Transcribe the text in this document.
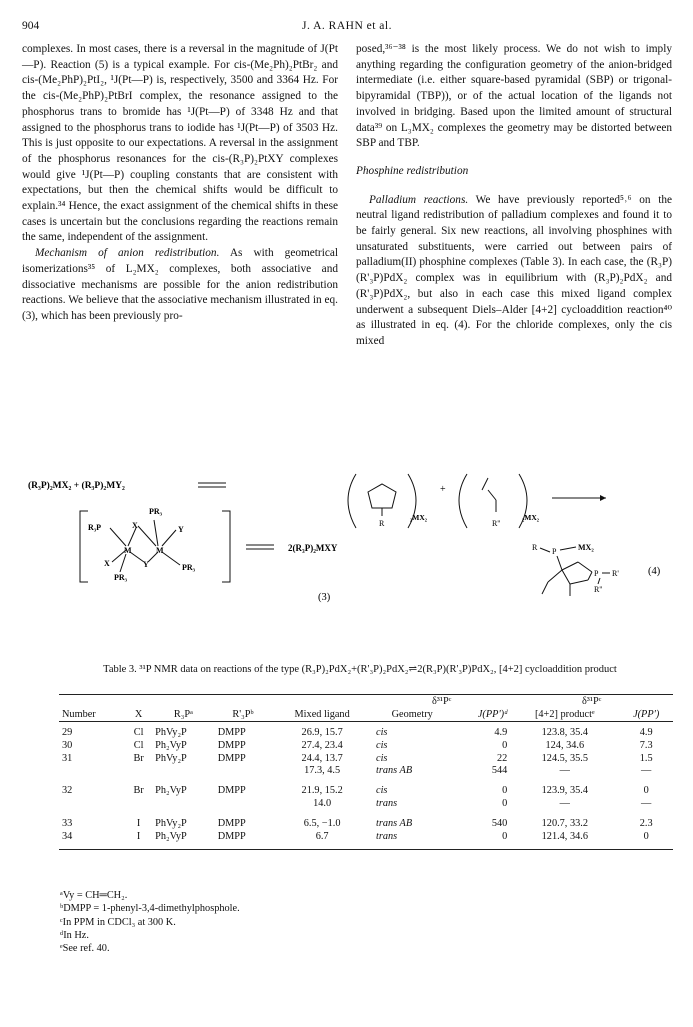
904	J. A. RAHN et al.

complexes. In most cases, there is a reversal in the magnitude of J(Pt—P). Reaction (5) is a typical example. For cis-(Me₂Ph)₂PtBr₂ and cis-(Me₂PhP)₂PtI₂, ¹J(Pt—P) is, respectively, 3500 and 3364 Hz. For the cis-(Me₂PhP)₂PtBrI complex, the resonance assigned to the phosphorus trans to bromide has ¹J(Pt—P) of 3348 Hz and that assigned to the phosphorus trans to iodide has ¹J(Pt—P) of 3503 Hz. This is just opposite to our expectations. A reversal in the assignment of the phosphorus resonances for the cis-(R₃P)₂PtXY complexes would give ¹J(Pt—P) coupling constants that are consistent with expectations, but then the chemical shifts would be difficult to explain.³⁴ Hence, the exact assignment of the chemical shifts in these cases is uncertain but the conclusions regarding the reactions remain the same, independent of the assignment.

Mechanism of anion redistribution. As with geometrical isomerizations³⁵ of L₂MX₂ complexes, both associative and dissociative mechanisms are possible for the anion redistribution reactions. We believe that the associative mechanism illustrated in eq. (3), which has been previously pro-

posed,³⁶⁻³⁸ is the most likely process. We do not wish to imply anything regarding the configuration geometry of the anion-bridged intermediate (i.e. either square-based pyramidal (SBP) or trigonal-bipyramidal (TBP)), or of the actual location of the ligands not involved in bridging. Based upon the limited amount of structural data³⁹ on L₃MX₂ complexes the geometry may be distorted between SBP and TBP.

Phosphine redistribution

Palladium reactions. We have previously reported⁵˒⁶ on the neutral ligand redistribution of palladium complexes and found it to be fairly general. Six new reactions, all involving phosphines with unsaturated substituents, were carried out between pairs of palladium(II) phosphine complexes (Table 3). In each case, the (R₃P)(R'₃P)PdX₂ complex was in equilibrium with (R₃P)₂PdX₂ and (R'₃P)PdX₂, but also in each case this mixed ligand complex underwent a subsequent Diels–Alder [4+2] cycloaddition reaction⁴⁰ as illustrated in eq. (4). For the chloride complexes, only the cis mixed

(R₃P)₂MX₂ + (R₃P)₂MY₂
PR₃
R₃P	X	Y
M	M
X	Y	PR₃
PR₃
2(R₃P)₂MXY
(3)
R
₂MX₂
+
R''
₂MX₂
R P	MX₂
P R'
R''
(4)
Table 3. ³¹P NMR data on reactions of the type (R₃P)₂PdX₂+(R'₃P)₂PdX₂⇌2(R₃P)(R'₃P)PdX₂, [4+2] cycloaddition product
					δ³¹Pᶜ		δ³¹Pᶜ	
Number	X	R₃Pᵃ	R'₃Pᵇ	Mixed ligand	Geometry	J(PP')ᵈ	[4+2] productᵉ	J(PP')
29	Cl	PhVy₂P	DMPP	26.9, 15.7	cis	4.9	123.8, 35.4	4.9
30	Cl	Ph₂VyP	DMPP	27.4, 23.4	cis	0	124, 34.6	7.3
31	Br	PhVy₂P	DMPP	24.4, 13.7	cis	22	124.5, 35.5	1.5
				17.3, 4.5	trans AB	544	—	—
32	Br	Ph₂VyP	DMPP	21.9, 15.2	cis	0	123.9, 35.4	0
				14.0	trans	0	—	—
33	I	PhVy₂P	DMPP	6.5, −1.0	trans AB	540	120.7, 33.2	2.3
34	I	Ph₂VyP	DMPP	6.7	trans	0	121.4, 34.6	0
ᵃVy = CH═CH₂.
ᵇDMPP = 1-phenyl-3,4-dimethylphosphole.
ᶜIn PPM in CDCl₃ at 300 K.
ᵈIn Hz.
ᵉSee ref. 40.
